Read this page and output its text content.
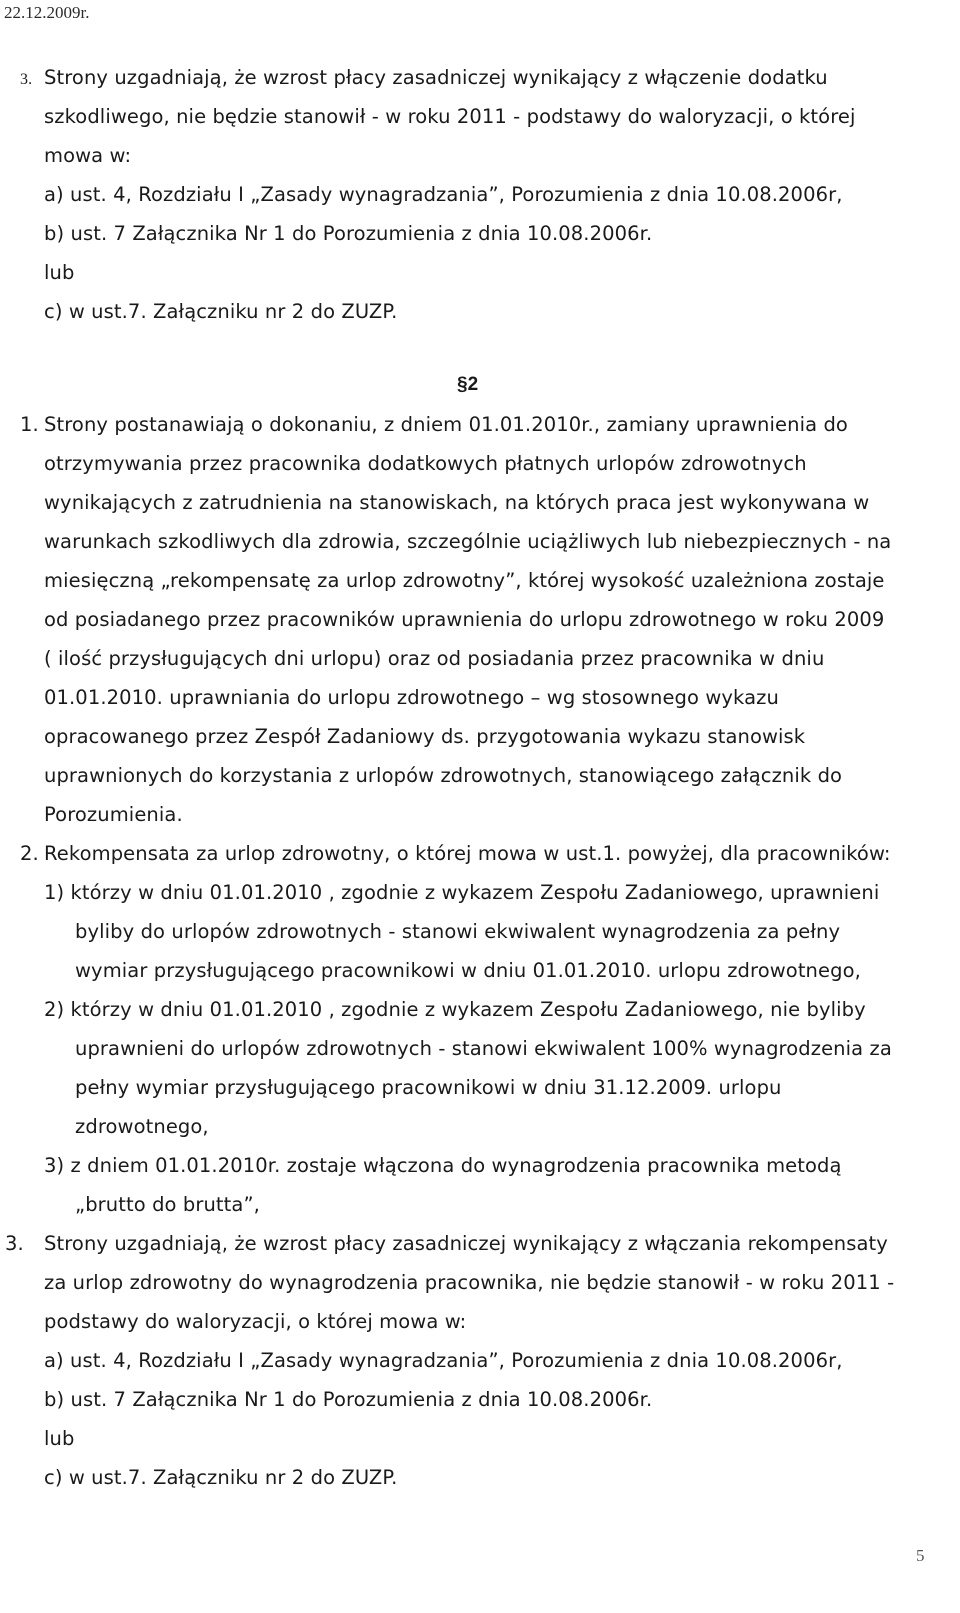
22.12.2009r.
3. Strony uzgadniają, że wzrost płacy zasadniczej wynikający z włączenie dodatku
szkodliwego, nie będzie stanowił - w roku 2011 - podstawy do waloryzacji, o której
mowa w:
a) ust. 4, Rozdziału I „Zasady wynagradzania”, Porozumienia z dnia 10.08.2006r,
b) ust. 7 Załącznika Nr 1 do Porozumienia z dnia 10.08.2006r.
lub
c) w ust.7. Załączniku nr 2 do ZUZP.
§2
1. Strony postanawiają o dokonaniu, z dniem 01.01.2010r., zamiany uprawnienia do
otrzymywania przez pracownika dodatkowych płatnych urlopów zdrowotnych
wynikających z zatrudnienia na stanowiskach, na których praca jest wykonywana w
warunkach szkodliwych dla zdrowia, szczególnie uciążliwych lub niebezpiecznych - na
miesięczną „rekompensatę za urlop zdrowotny”, której wysokość uzależniona zostaje
od posiadanego przez pracowników uprawnienia do urlopu zdrowotnego w roku 2009
( ilość przysługujących dni urlopu) oraz od posiadania przez pracownika w dniu
01.01.2010. uprawniania do urlopu zdrowotnego – wg stosownego wykazu
opracowanego przez Zespół Zadaniowy ds. przygotowania wykazu stanowisk
uprawnionych do korzystania z urlopów zdrowotnych, stanowiącego załącznik do
Porozumienia.
2. Rekompensata za urlop zdrowotny, o której mowa w ust.1. powyżej, dla pracowników:
1) którzy w dniu 01.01.2010 , zgodnie z wykazem Zespołu Zadaniowego, uprawnieni
byliby do urlopów zdrowotnych - stanowi ekwiwalent wynagrodzenia za pełny
wymiar przysługującego pracownikowi w dniu 01.01.2010. urlopu zdrowotnego,
2) którzy w dniu 01.01.2010 , zgodnie z wykazem Zespołu Zadaniowego, nie byliby
uprawnieni do urlopów zdrowotnych - stanowi ekwiwalent 100% wynagrodzenia za
pełny wymiar przysługującego pracownikowi w dniu 31.12.2009. urlopu
zdrowotnego,
3) z dniem 01.01.2010r. zostaje włączona do wynagrodzenia pracownika metodą
„brutto do brutta”,
3. Strony uzgadniają, że wzrost płacy zasadniczej wynikający z włączania rekompensaty
za urlop zdrowotny do wynagrodzenia pracownika, nie będzie stanowił - w roku 2011 -
podstawy do waloryzacji, o której mowa w:
a) ust. 4, Rozdziału I „Zasady wynagradzania”, Porozumienia z dnia 10.08.2006r,
b) ust. 7 Załącznika Nr 1 do Porozumienia z dnia 10.08.2006r.
lub
c) w ust.7. Załączniku nr 2 do ZUZP.
5
